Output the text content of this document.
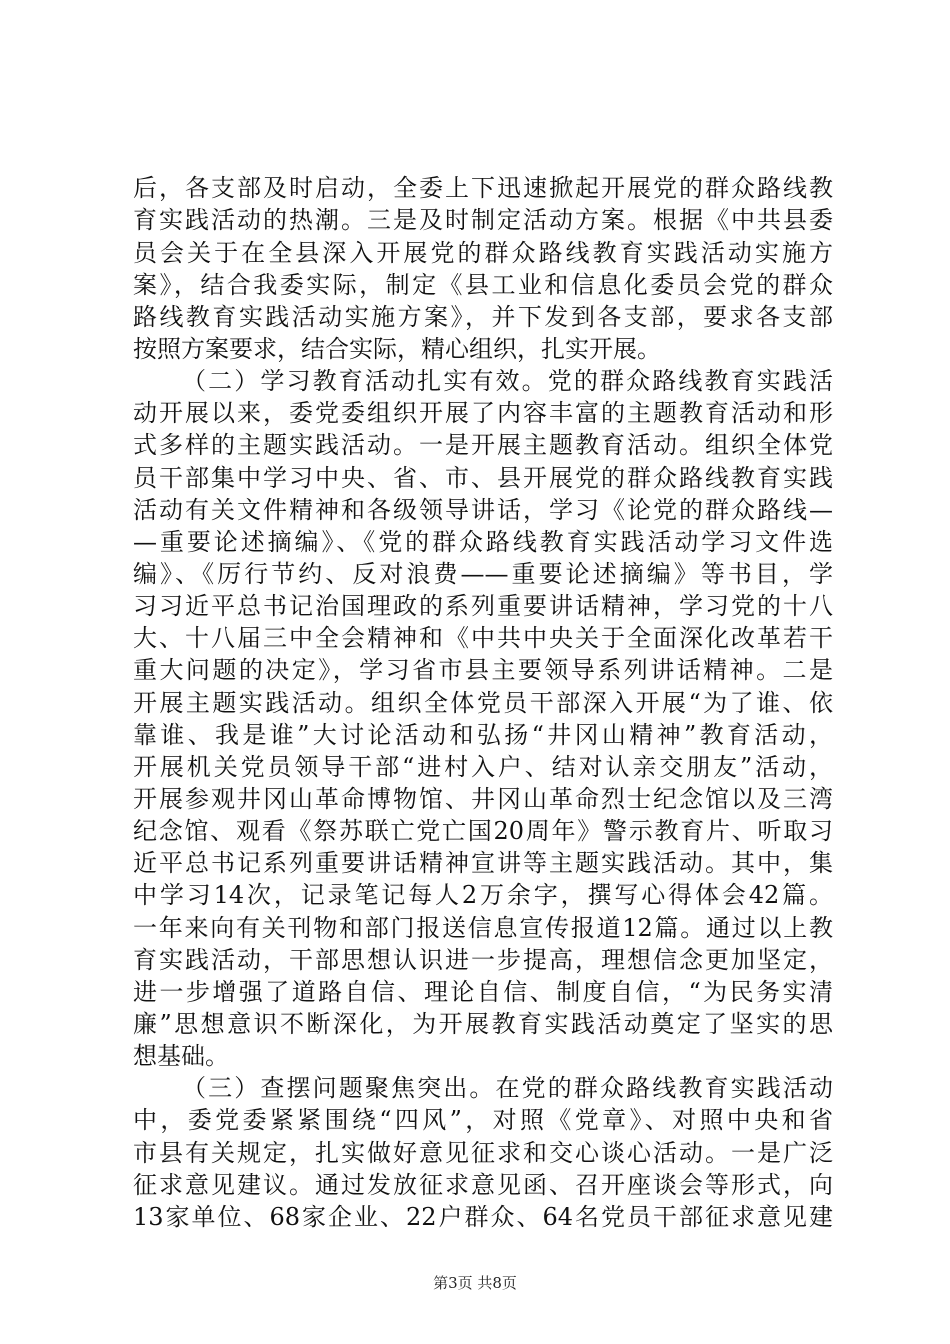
后，各支部及时启动，全委上下迅速掀起开展党的群众路线教
育实践活动的热潮。三是及时制定活动方案。根据《中共县委
员会关于在全县深入开展党的群众路线教育实践活动实施方
案》，结合我委实际，制定《县工业和信息化委员会党的群众
路线教育实践活动实施方案》，并下发到各支部，要求各支部
按照方案要求，结合实际，精心组织，扎实开展。
（二）学习教育活动扎实有效。党的群众路线教育实践活
动开展以来，委党委组织开展了内容丰富的主题教育活动和形
式多样的主题实践活动。一是开展主题教育活动。组织全体党
员干部集中学习中央、省、市、县开展党的群众路线教育实践
活动有关文件精神和各级领导讲话，学习《论党的群众路线—
—重要论述摘编》、《党的群众路线教育实践活动学习文件选
编》、《厉行节约、反对浪费——重要论述摘编》等书目，学
习习近平总书记治国理政的系列重要讲话精神，学习党的十八
大、十八届三中全会精神和《中共中央关于全面深化改革若干
重大问题的决定》，学习省市县主要领导系列讲话精神。二是
开展主题实践活动。组织全体党员干部深入开展“为了谁、依
靠谁、我是谁”大讨论活动和弘扬“井冈山精神”教育活动，
开展机关党员领导干部“进村入户、结对认亲交朋友”活动，
开展参观井冈山革命博物馆、井冈山革命烈士纪念馆以及三湾
纪念馆、观看《祭苏联亡党亡国20周年》警示教育片、听取习
近平总书记系列重要讲话精神宣讲等主题实践活动。其中，集
中学习14次，记录笔记每人2万余字，撰写心得体会42篇。
一年来向有关刊物和部门报送信息宣传报道12篇。通过以上教
育实践活动，干部思想认识进一步提高，理想信念更加坚定，
进一步增强了道路自信、理论自信、制度自信，“为民务实清
廉”思想意识不断深化，为开展教育实践活动奠定了坚实的思
想基础。
（三）查摆问题聚焦突出。在党的群众路线教育实践活动
中，委党委紧紧围绕“四风”，对照《党章》、对照中央和省
市县有关规定，扎实做好意见征求和交心谈心活动。一是广泛
征求意见建议。通过发放征求意见函、召开座谈会等形式，向
13家单位、68家企业、22户群众、64名党员干部征求意见建
第3页 共8页
